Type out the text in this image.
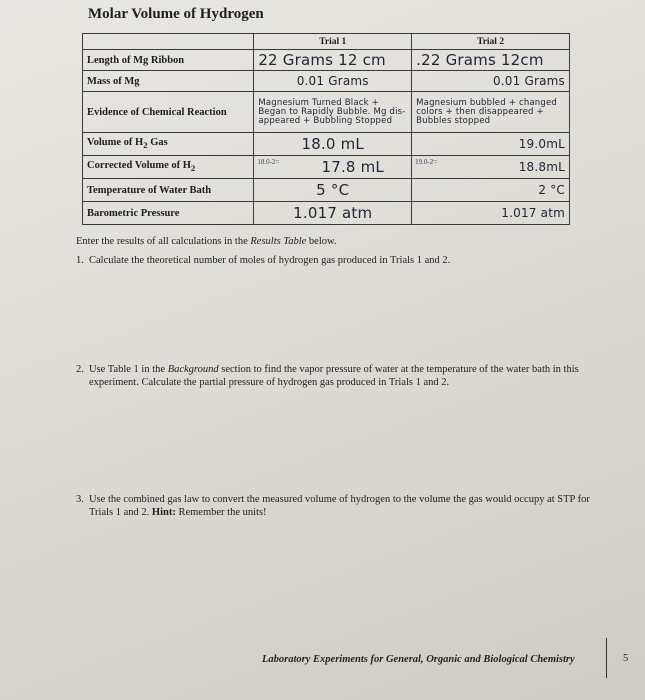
Molar Volume of Hydrogen
	Trial 1	Trial 2
Length of Mg Ribbon	22 Grams 12 cm	.22 Grams 12cm
Mass of Mg	0.01 Grams	0.01 Grams
Evidence of Chemical Reaction	Magnesium Turned Black + Began to Rapidly Bubble. Mg dis-appeared + Bubbling Stopped	Magnesium bubbled + changed colors + then disappeared + Bubbles stopped

Volume of $H_2$ Gas	18.0 mL	19.0mL
Corrected Volume of $H_2$	18.0-2= 17.8 mL	19.0-2= 18.8mL
Temperature of Water Bath	5 °C	2 °C
Barometric Pressure	1.017 atm	1.017 atm
Enter the results of all calculations in the Results Table below.
1. Calculate the theoretical number of moles of hydrogen gas produced in Trials 1 and 2.
2. Use Table 1 in the Background section to find the vapor pressure of water at the temperature of the water bath in this experiment. Calculate the partial pressure of hydrogen gas produced in Trials 1 and 2.
3. Use the combined gas law to convert the measured volume of hydrogen to the volume the gas would occupy at STP for Trials 1 and 2. Hint: Remember the units!
Laboratory Experiments for General, Organic and Biological Chemistry	5
